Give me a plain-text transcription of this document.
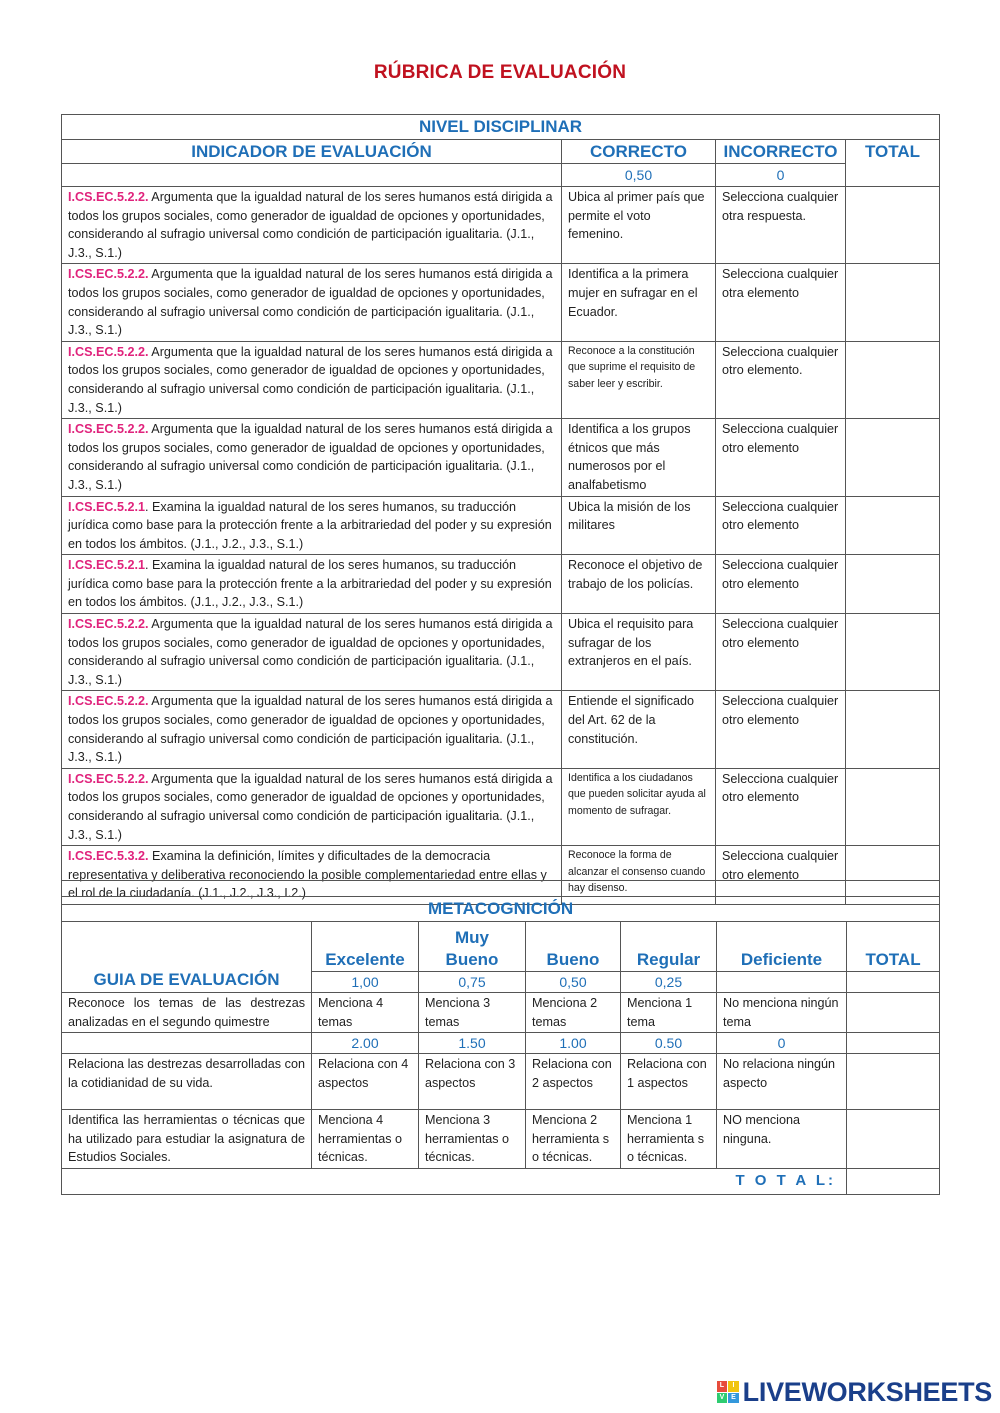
RÚBRICA DE EVALUACIÓN
NIVEL DISCIPLINAR			
INDICADOR DE EVALUACIÓN	CORRECTO	INCORRECTO	TOTAL
	0,50	0	
I.CS.EC.5.2.2. Argumenta que la igualdad natural de los seres humanos está dirigida a todos los grupos sociales, como generador de igualdad de opciones y oportunidades, considerando al sufragio universal como condición de participación igualitaria. (J.1., J.3., S.1.)	Ubica al primer país que permite el voto femenino.	Selecciona cualquier otra respuesta.	
I.CS.EC.5.2.2. Argumenta que la igualdad natural de los seres humanos está dirigida a todos los grupos sociales, como generador de igualdad de opciones y oportunidades, considerando al sufragio universal como condición de participación igualitaria. (J.1., J.3., S.1.)	Identifica a la primera mujer en sufragar en el Ecuador.	Selecciona cualquier otra elemento	
I.CS.EC.5.2.2. Argumenta que la igualdad natural de los seres humanos está dirigida a todos los grupos sociales, como generador de igualdad de opciones y oportunidades, considerando al sufragio universal como condición de participación igualitaria. (J.1., J.3., S.1.)	Reconoce a la constitución que suprime el requisito de saber leer y escribir.	Selecciona cualquier otro elemento.	
I.CS.EC.5.2.2. Argumenta que la igualdad natural de los seres humanos está dirigida a todos los grupos sociales, como generador de igualdad de opciones y oportunidades, considerando al sufragio universal como condición de participación igualitaria. (J.1., J.3., S.1.)	Identifica a los grupos étnicos que más numerosos por el analfabetismo	Selecciona cualquier otro elemento	
I.CS.EC.5.2.1. Examina la igualdad natural de los seres humanos, su traducción jurídica como base para la protección frente a la arbitrariedad del poder y su expresión en todos los ámbitos. (J.1., J.2., J.3., S.1.)	Ubica la misión de los militares	Selecciona cualquier otro elemento	
I.CS.EC.5.2.1. Examina la igualdad natural de los seres humanos, su traducción jurídica como base para la protección frente a la arbitrariedad del poder y su expresión en todos los ámbitos. (J.1., J.2., J.3., S.1.)	Reconoce el objetivo de trabajo de los policías.	Selecciona cualquier otro elemento	
I.CS.EC.5.2.2. Argumenta que la igualdad natural de los seres humanos está dirigida a todos los grupos sociales, como generador de igualdad de opciones y oportunidades, considerando al sufragio universal como condición de participación igualitaria. (J.1., J.3., S.1.)	Ubica el requisito para sufragar de los extranjeros en el país.	Selecciona cualquier otro elemento	
I.CS.EC.5.2.2. Argumenta que la igualdad natural de los seres humanos está dirigida a todos los grupos sociales, como generador de igualdad de opciones y oportunidades, considerando al sufragio universal como condición de participación igualitaria. (J.1., J.3., S.1.)	Entiende el significado del Art. 62 de la constitución.	Selecciona cualquier otro elemento	
I.CS.EC.5.2.2. Argumenta que la igualdad natural de los seres humanos está dirigida a todos los grupos sociales, como generador de igualdad de opciones y oportunidades, considerando al sufragio universal como condición de participación igualitaria. (J.1., J.3., S.1.)	Identifica a los ciudadanos que pueden solicitar ayuda al momento de sufragar.	Selecciona cualquier otro elemento	
I.CS.EC.5.3.2. Examina la definición, límites y dificultades de la democracia representativa y deliberativa reconociendo la posible complementariedad entre ellas y el rol de la ciudadanía. (J.1., J.2., J.3., I.2.)	Reconoce la forma de alcanzar el consenso cuando hay disenso.	Selecciona cualquier otro elemento	

METACOGNICIÓN						
GUIA DE EVALUACIÓN	Excelente	Muy Bueno	Bueno	Regular	Deficiente	TOTAL
	1,00	0,75	0,50	0,25		
Reconoce los temas de las destrezas analizadas en el segundo quimestre	Menciona 4 temas	Menciona 3 temas	Menciona 2 temas	Menciona 1 tema	No menciona ningún tema	
	2.00	1.50	1.00	0.50	0	
Relaciona las destrezas desarrolladas con la cotidianidad de su vida.	Relaciona con 4 aspectos	Relaciona con 3 aspectos	Relaciona con 2 aspectos	Relaciona con 1 aspectos	No relaciona ningún aspecto	
Identifica las herramientas o técnicas que ha utilizado para estudiar la asignatura de Estudios Sociales.	Menciona 4 herramientas o técnicas.	Menciona 3 herramientas o técnicas.	Menciona 2 herramienta s o técnicas.	Menciona 1 herramienta s o técnicas.	NO menciona ninguna.	
T O T A L:						
L	I
V E LIVEWORKSHEETS
